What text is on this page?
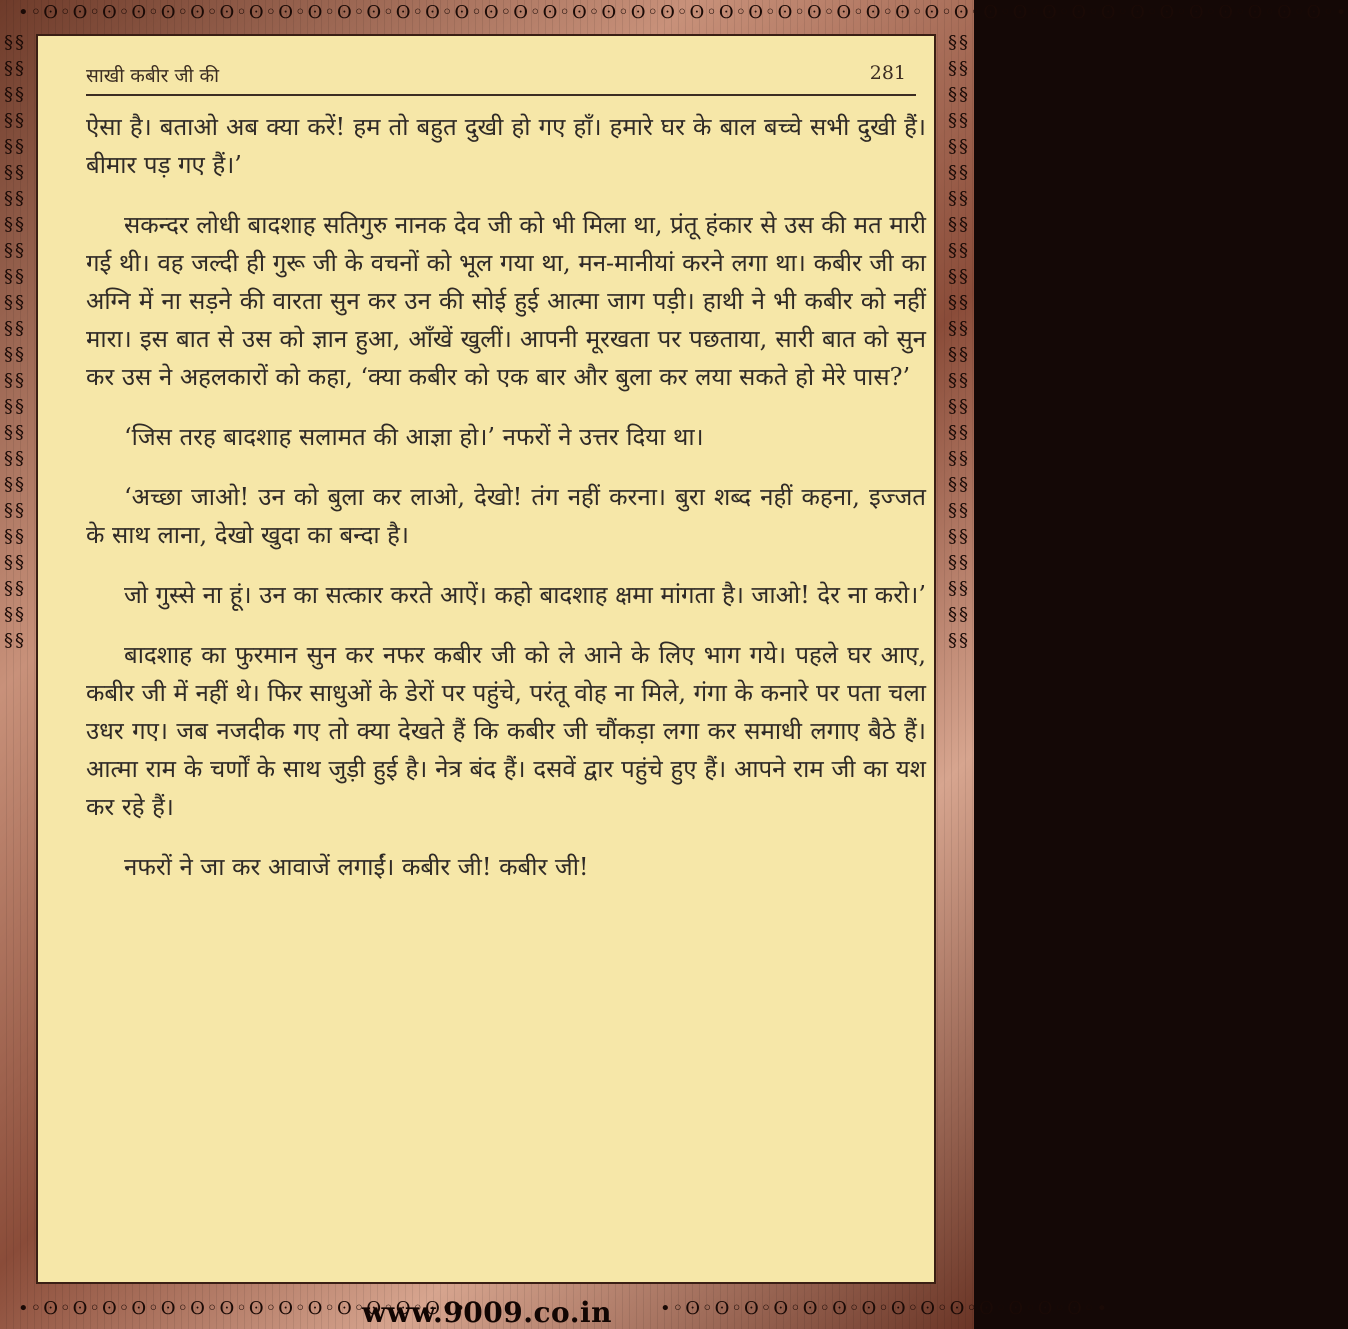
•◦ʘ◦ʘ◦ʘ◦ʘ◦ʘ◦ʘ◦ʘ◦ʘ◦ʘ◦ʘ◦ʘ◦ʘ◦ʘ◦ʘ◦ʘ◦ʘ◦ʘ◦ʘ◦ʘ◦ʘ◦ʘ◦ʘ◦ʘ◦ʘ◦ʘ◦ʘ◦ʘ◦ʘ◦ʘ◦ʘ◦ʘ◦ʘ◦ʘ◦ʘ◦ʘ◦ʘ◦ʘ◦ʘ◦ʘ◦ʘ◦ʘ◦ʘ◦ʘ◦ʘ◦•
§§§§§§§§§§§§§§§§§§§§§§§§§§§§§§§§§§§§§§§§§§§§§§§§
§§§§§§§§§§§§§§§§§§§§§§§§§§§§§§§§§§§§§§§§§§§§§§§§
•◦ʘ◦ʘ◦ʘ◦ʘ◦ʘ◦ʘ◦ʘ◦ʘ◦ʘ◦ʘ◦ʘ◦ʘ◦ʘ◦ʘ◦•	•◦ʘ◦ʘ◦ʘ◦ʘ◦ʘ◦ʘ◦ʘ◦ʘ◦ʘ◦ʘ◦ʘ◦ʘ◦ʘ◦ʘ◦•
साखी कबीर जी की	281

ऐसा है। बताओ अब क्या करें! हम तो बहुत दुखी हो गए हाँ। हमारे घर के बाल बच्चे सभी दुखी हैं। बीमार पड़ गए हैं।’

सकन्दर लोधी बादशाह सतिगुरु नानक देव जी को भी मिला था, प्रंतू हंकार से उस की मत मारी गई थी। वह जल्दी ही गुरू जी के वचनों को भूल गया था, मन-मानीयां करने लगा था। कबीर जी का अग्नि में ना सड़ने की वारता सुन कर उन की सोई हुई आत्मा जाग पड़ी। हाथी ने भी कबीर को नहीं मारा। इस बात से उस को ज्ञान हुआ, आँखें खुलीं। आपनी मूरखता पर पछताया, सारी बात को सुन कर उस ने अहलकारों को कहा, ‘क्या कबीर को एक बार और बुला कर लया सकते हो मेरे पास?’

‘जिस तरह बादशाह सलामत की आज्ञा हो।’ नफरों ने उत्तर दिया था।

‘अच्छा जाओ! उन को बुला कर लाओ, देखो! तंग नहीं करना। बुरा शब्द नहीं कहना, इज्जत के साथ लाना, देखो खुदा का बन्दा है।

जो गुस्से ना हूं। उन का सत्कार करते आऐं। कहो बादशाह क्षमा मांगता है। जाओ! देर ना करो।’

बादशाह का फुरमान सुन कर नफर कबीर जी को ले आने के लिए भाग गये। पहले घर आए, कबीर जी में नहीं थे। फिर साधुओं के डेरों पर पहुंचे, परंतू वोह ना मिले, गंगा के कनारे पर पता चला उधर गए। जब नजदीक गए तो क्या देखते हैं कि कबीर जी चौंकड़ा लगा कर समाधी लगाए बैठे हैं। आत्मा राम के चर्णों के साथ जुड़ी हुई है। नेत्र बंद हैं। दसवें द्वार पहुंचे हुए हैं। आपने राम जी का यश कर रहे हैं।

नफरों ने जा कर आवाजें लगाईं। कबीर जी! कबीर जी!

www.9009.co.in
